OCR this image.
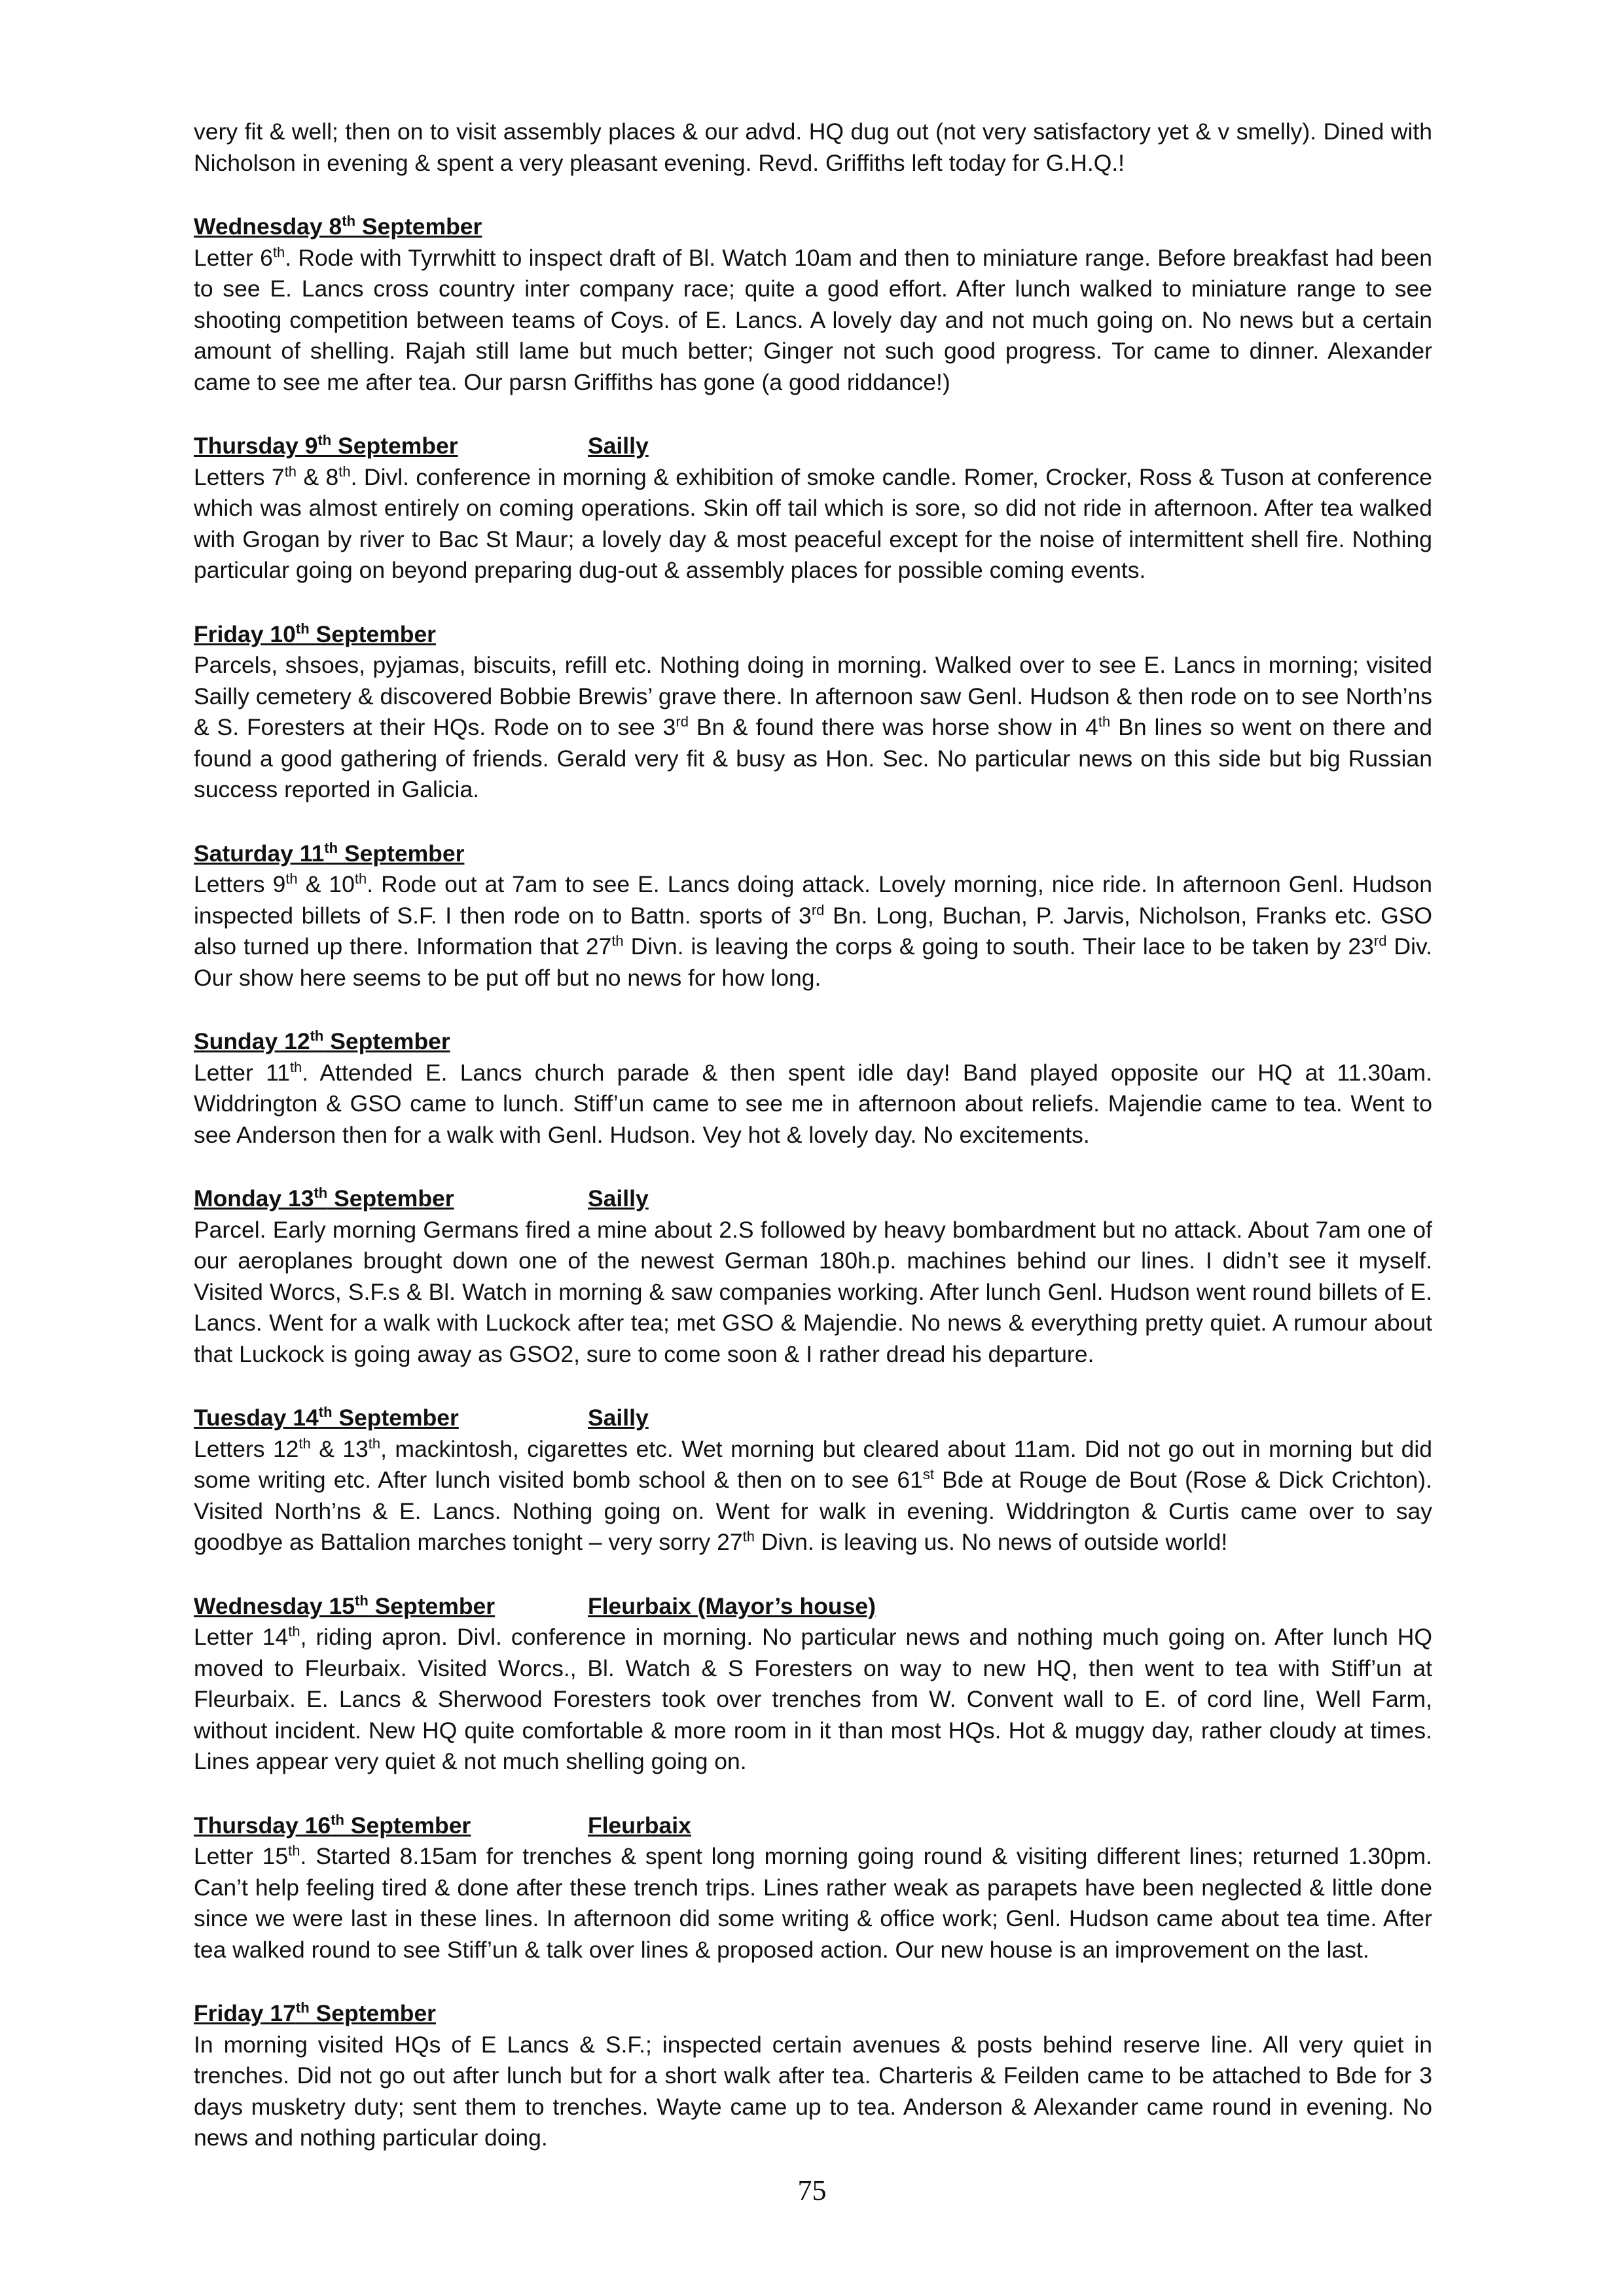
very fit & well; then on to visit assembly places & our advd. HQ dug out (not very satisfactory yet & v smelly). Dined with Nicholson in evening & spent a very pleasant evening. Revd. Griffiths left today for G.H.Q.!

Wednesday 8th September

Letter 6th. Rode with Tyrrwhitt to inspect draft of Bl. Watch 10am and then to miniature range. Before breakfast had been to see E. Lancs cross country inter company race; quite a good effort. After lunch walked to miniature range to see shooting competition between teams of Coys. of E. Lancs. A lovely day and not much going on. No news but a certain amount of shelling. Rajah still lame but much better; Ginger not such good progress. Tor came to dinner. Alexander came to see me after tea. Our parsn Griffiths has gone (a good riddance!)

Thursday 9th September	Sailly

Letters 7th & 8th. Divl. conference in morning & exhibition of smoke candle. Romer, Crocker, Ross & Tuson at conference which was almost entirely on coming operations. Skin off tail which is sore, so did not ride in afternoon. After tea walked with Grogan by river to Bac St Maur; a lovely day & most peaceful except for the noise of intermittent shell fire. Nothing particular going on beyond preparing dug-out & assembly places for possible coming events.

Friday 10th September

Parcels, shsoes, pyjamas, biscuits, refill etc. Nothing doing in morning. Walked over to see E. Lancs in morning; visited Sailly cemetery & discovered Bobbie Brewis’ grave there. In afternoon saw Genl. Hudson & then rode on to see North’ns & S. Foresters at their HQs. Rode on to see 3rd Bn & found there was horse show in 4th Bn lines so went on there and found a good gathering of friends. Gerald very fit & busy as Hon. Sec. No particular news on this side but big Russian success reported in Galicia.

Saturday 11th September

Letters 9th & 10th. Rode out at 7am to see E. Lancs doing attack. Lovely morning, nice ride. In afternoon Genl. Hudson inspected billets of S.F. I then rode on to Battn. sports of 3rd Bn. Long, Buchan, P. Jarvis, Nicholson, Franks etc. GSO also turned up there. Information that 27th Divn. is leaving the corps & going to south. Their lace to be taken by 23rd Div. Our show here seems to be put off but no news for how long.

Sunday 12th September

Letter 11th. Attended E. Lancs church parade & then spent idle day! Band played opposite our HQ at 11.30am. Widdrington & GSO came to lunch. Stiff’un came to see me in afternoon about reliefs. Majendie came to tea. Went to see Anderson then for a walk with Genl. Hudson. Vey hot & lovely day. No excitements.

Monday 13th September	Sailly

Parcel. Early morning Germans fired a mine about 2.S followed by heavy bombardment but no attack. About 7am one of our aeroplanes brought down one of the newest German 180h.p. machines behind our lines. I didn’t see it myself. Visited Worcs, S.F.s & Bl. Watch in morning & saw companies working. After lunch Genl. Hudson went round billets of E. Lancs. Went for a walk with Luckock after tea; met GSO & Majendie. No news & everything pretty quiet. A rumour about that Luckock is going away as GSO2, sure to come soon & I rather dread his departure.

Tuesday 14th September	Sailly

Letters 12th & 13th, mackintosh, cigarettes etc. Wet morning but cleared about 11am. Did not go out in morning but did some writing etc. After lunch visited bomb school & then on to see 61st Bde at Rouge de Bout (Rose & Dick Crichton). Visited North’ns & E. Lancs. Nothing going on. Went for walk in evening. Widdrington & Curtis came over to say goodbye as Battalion marches tonight – very sorry 27th Divn. is leaving us. No news of outside world!

Wednesday 15th September	Fleurbaix (Mayor’s house)

Letter 14th, riding apron. Divl. conference in morning. No particular news and nothing much going on. After lunch HQ moved to Fleurbaix. Visited Worcs., Bl. Watch & S Foresters on way to new HQ, then went to tea with Stiff’un at Fleurbaix. E. Lancs & Sherwood Foresters took over trenches from W. Convent wall to E. of cord line, Well Farm, without incident. New HQ quite comfortable & more room in it than most HQs. Hot & muggy day, rather cloudy at times. Lines appear very quiet & not much shelling going on.

Thursday 16th September	Fleurbaix

Letter 15th. Started 8.15am for trenches & spent long morning going round & visiting different lines; returned 1.30pm. Can’t help feeling tired & done after these trench trips. Lines rather weak as parapets have been neglected & little done since we were last in these lines. In afternoon did some writing & office work; Genl. Hudson came about tea time. After tea walked round to see Stiff’un & talk over lines & proposed action. Our new house is an improvement on the last.

Friday 17th September

In morning visited HQs of E Lancs & S.F.; inspected certain avenues & posts behind reserve line. All very quiet in trenches. Did not go out after lunch but for a short walk after tea. Charteris & Feilden came to be attached to Bde for 3 days musketry duty; sent them to trenches. Wayte came up to tea. Anderson & Alexander came round in evening. No news and nothing particular doing.

75
